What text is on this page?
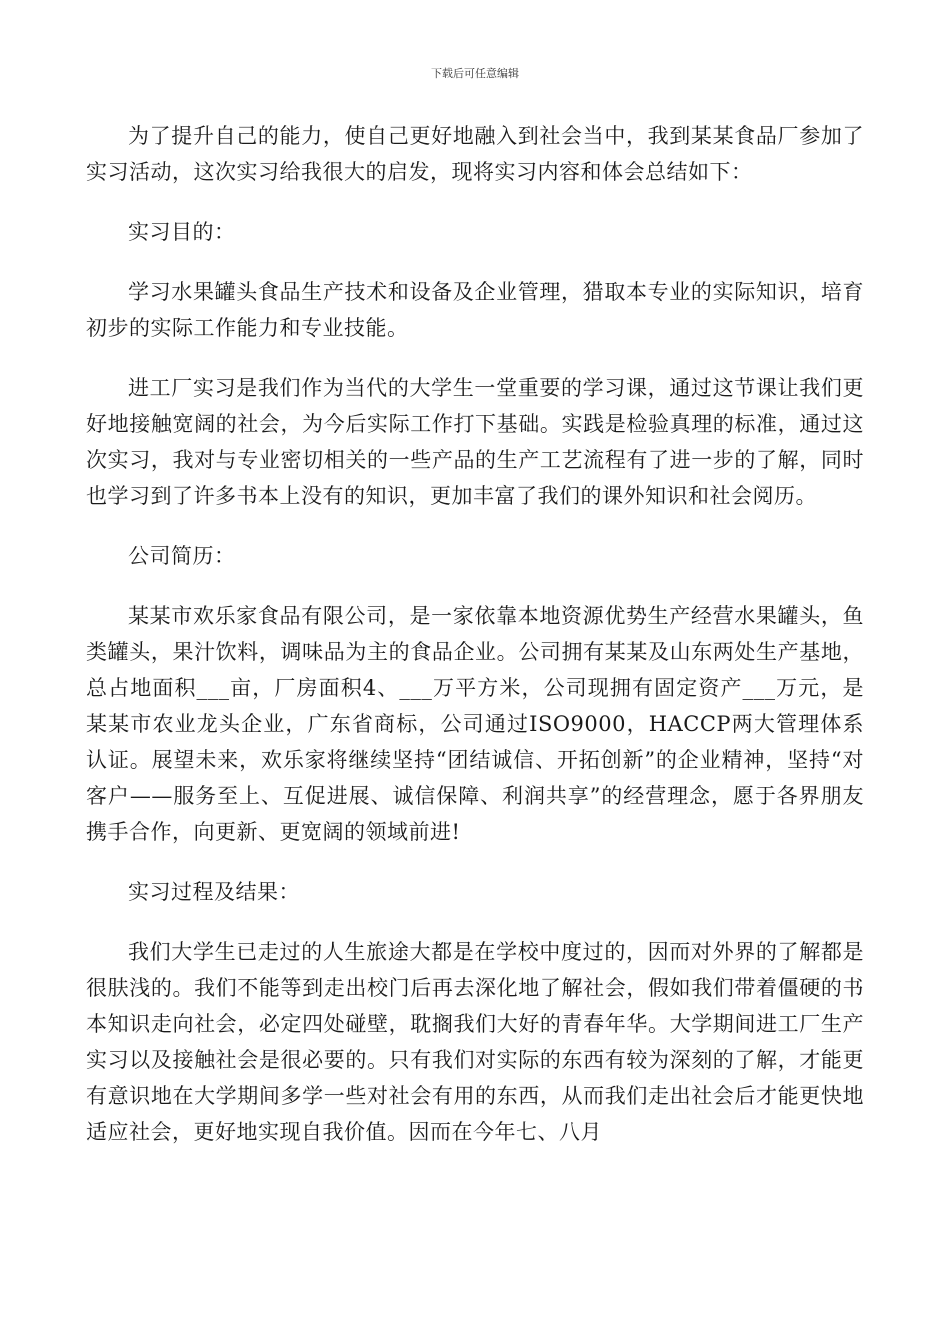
下载后可任意编辑

为了提升自己的能力，使自己更好地融入到社会当中，我到某某食品厂参加了实习活动，这次实习给我很大的启发，现将实习内容和体会总结如下：

实习目的：

学习水果罐头食品生产技术和设备及企业管理，猎取本专业的实际知识，培育初步的实际工作能力和专业技能。

进工厂实习是我们作为当代的大学生一堂重要的学习课，通过这节课让我们更好地接触宽阔的社会，为今后实际工作打下基础。实践是检验真理的标准，通过这次实习，我对与专业密切相关的一些产品的生产工艺流程有了进一步的了解，同时也学习到了许多书本上没有的知识，更加丰富了我们的课外知识和社会阅历。

公司简历：

某某市欢乐家食品有限公司，是一家依靠本地资源优势生产经营水果罐头，鱼类罐头，果汁饮料，调味品为主的食品企业。公司拥有某某及山东两处生产基地，总占地面积___亩，厂房面积4、___万平方米，公司现拥有固定资产___万元，是某某市农业龙头企业，广东省商标，公司通过ISO9000，HACCP两大管理体系认证。展望未来，欢乐家将继续坚持“团结诚信、开拓创新”的企业精神，坚持“对客户——服务至上、互促进展、诚信保障、利润共享”的经营理念，愿于各界朋友携手合作，向更新、更宽阔的领域前进!

实习过程及结果：

我们大学生已走过的人生旅途大都是在学校中度过的，因而对外界的了解都是很肤浅的。我们不能等到走出校门后再去深化地了解社会，假如我们带着僵硬的书本知识走向社会，必定四处碰壁，耽搁我们大好的青春年华。大学期间进工厂生产实习以及接触社会是很必要的。只有我们对实际的东西有较为深刻的了解，才能更有意识地在大学期间多学一些对社会有用的东西，从而我们走出社会后才能更快地适应社会，更好地实现自我价值。因而在今年七、八月
